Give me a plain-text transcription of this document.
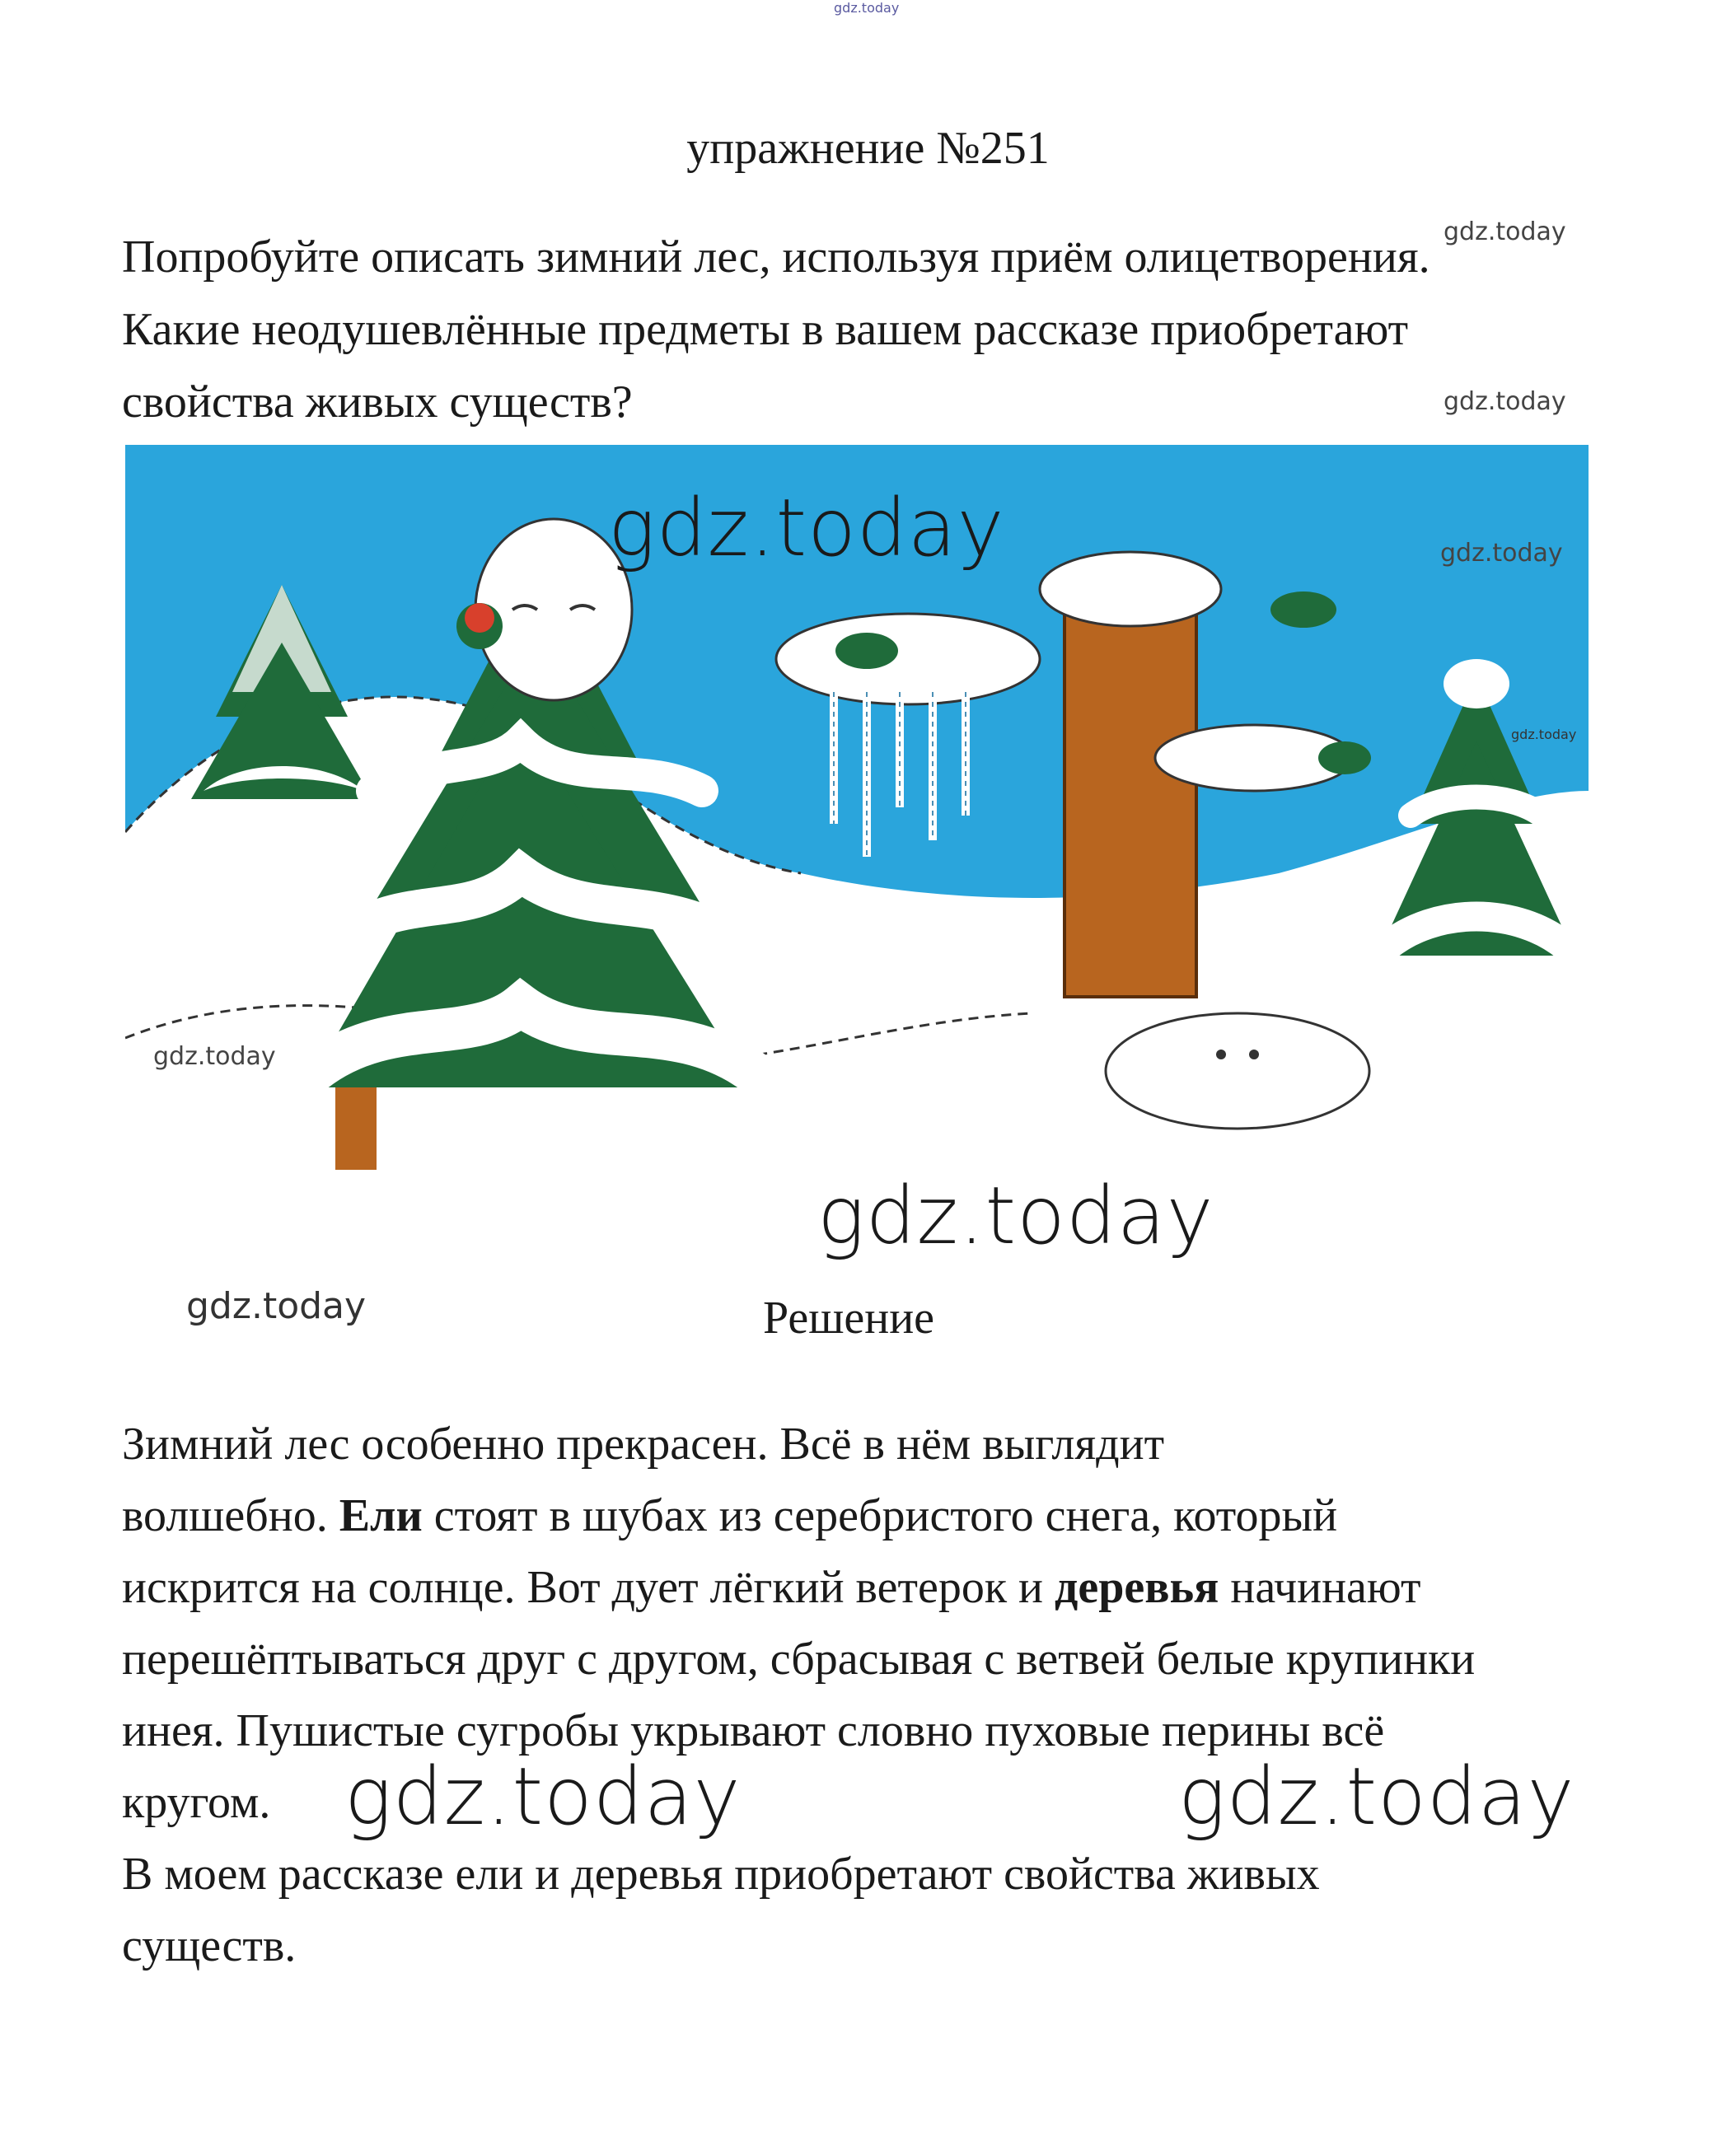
gdz.today
упражнение №251

Попробуйте описать зимний лес, используя приём олицетворения.

Какие неодушевлённые предметы в вашем рассказе приобретают

свойства живых существ?

gdz.today
gdz.today
gdz.today	gdz.today
gdz.today
gdz.today
gdz.today
gdz.today	Решение

Зимний лес особенно прекрасен. Всё в нём выглядит

волшебно. Ели стоят в шубах из серебристого снега, который

искрится на солнце. Вот дует лёгкий ветерок и деревья начинают

перешёптываться друг с другом, сбрасывая с ветвей белые крупинки

инея. Пушистые сугробы укрывают словно пуховые перины всё

кругом.

В моем рассказе ели и деревья приобретают свойства живых

существ.

gdz.today	gdz.today
